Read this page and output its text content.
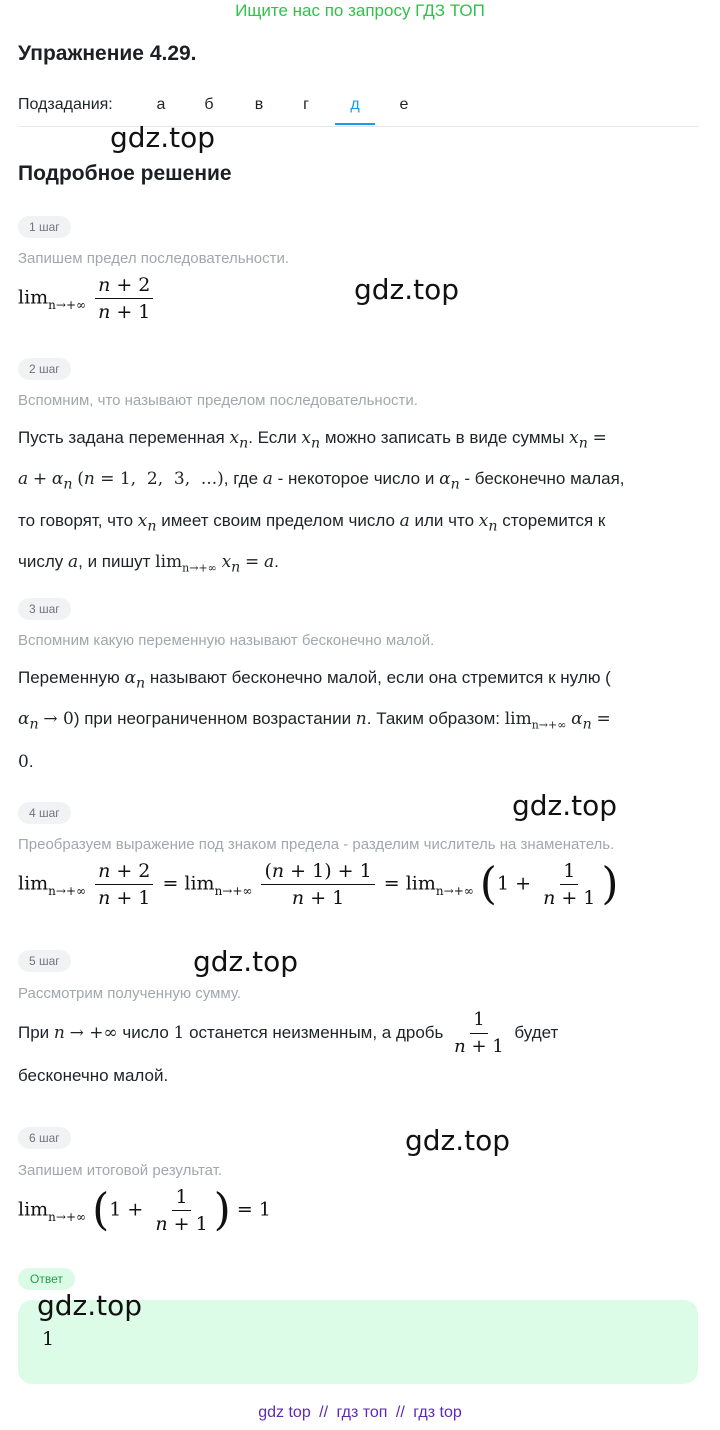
Ищите нас по запросу ГДЗ ТОП
Упражнение 4.29.
Подзадания:	а	б	в	г	д	е
gdz.top
Подробное решение
1 шаг
Запишем предел последовательности.
$\lim_{n\to+\infty} \frac{n + 2}{n + 1}$	gdz.top
2 шаг
Вспомним, что называют пределом последовательности.
Пусть задана переменная $x_n$. Если $x_n$ можно записать в виде суммы $x_n$ =
$a + \alpha_n$ (n = 1,  2,  3,  ...), где a - некоторое число и $\alpha_n$ - бесконечно малая,
то говорят, что $x_n$ имеет своим пределом число a или что $x_n$ сторемится к
числу a, и пишут $\lim_{n\to+\infty} x_n = a$.
3 шаг
Вспомним какую переменную называют бесконечно малой.
Переменную $\alpha_n$ называют бесконечно малой, если она стремится к нулю (
$\alpha_n \to 0$) при неограниченном возрастании n. Таким образом: $\lim_{n\to+\infty} \alpha_n$ =
0.
gdz.top
4 шаг
Преобразуем выражение под знаком предела - разделим числитель на знаменатель.
$\lim_{n\to+\infty} \frac{n + 2}{n + 1} = \lim_{n\to+\infty} \frac{(n + 1) + 1}{n + 1} = \lim_{n\to+\infty} (1 + \frac{1}{n + 1}$ )
5 шаг	gdz.top
Рассмотрим полученную сумму.
При n → +∞ число 1 останется неизменным, а дробь $\frac{1}{n + 1}$ будет
бесконечно малой.
6 шаг	gdz.top
Запишем итоговой результат.
$\lim_{n\to+\infty} (1 + \frac{1}{n + 1}$ ) = 1
Ответ
gdz.top
1
gdz top // гдз топ // гдз top
